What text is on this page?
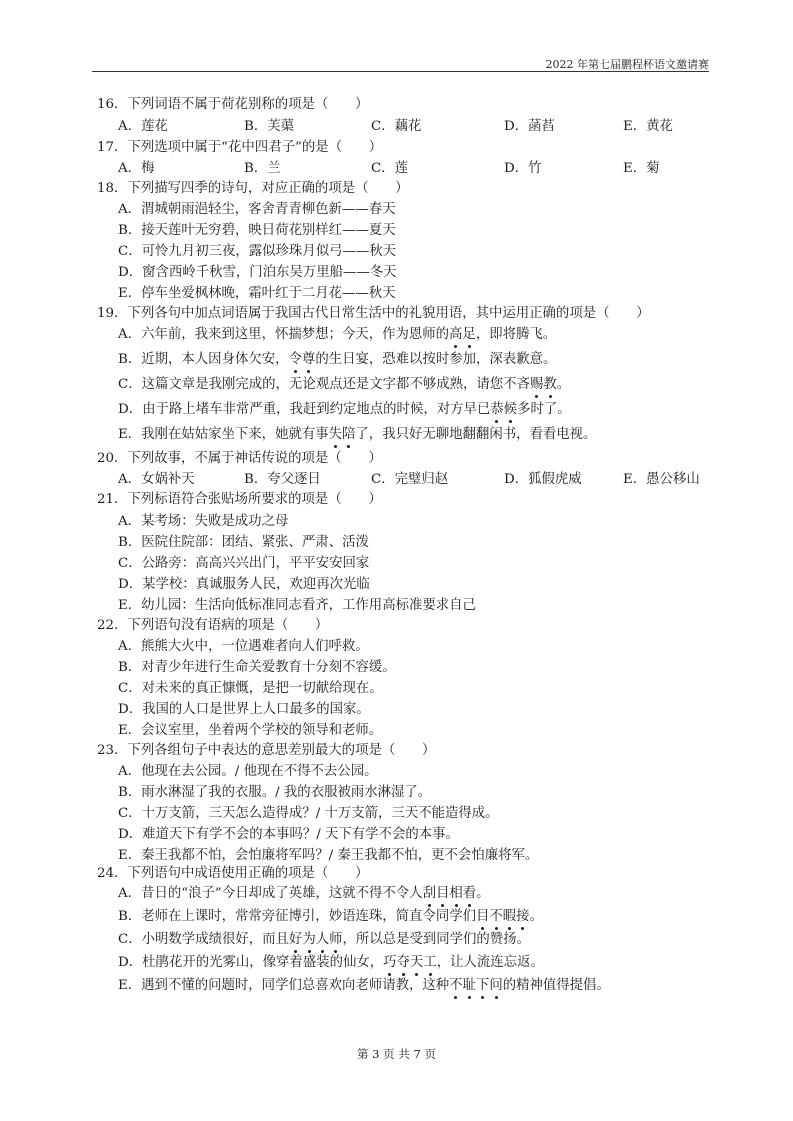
2022 年第七届鹏程杯语文邀请赛
16．下列词语不属于荷花别称的项是（　　）
A．莲花	B．芙蕖	C．藕花	D．菡萏	E．黄花
17．下列选项中属于“花中四君子”的是（　　）
A．梅	B．兰	C．莲	D．竹	E．菊
18．下列描写四季的诗句，对应正确的项是（　　）
A．渭城朝雨浥轻尘，客舍青青柳色新——春天
B．接天莲叶无穷碧，映日荷花别样红——夏天
C．可怜九月初三夜，露似珍珠月似弓——秋天
D．窗含西岭千秋雪，门泊东吴万里船——冬天
E．停车坐爱枫林晚，霜叶红于二月花——秋天
19．下列各句中加点词语属于我国古代日常生活中的礼貌用语，其中运用正确的项是（　　）
A．六年前，我来到这里，怀揣梦想；今天，作为恩师的高足
，即将腾飞。
B．近期，本人因身体欠安，令尊
的生日宴，恐难以按时参加，深表歉意。
C．这篇文章是我刚完成的，无论观点还是文字都不够成熟，请您不吝赐教
。
D．由于路上堵车非常严重，我赶到约定地点的时候，对方早已恭候
多时了。
E．我刚在姑姑家坐下来，她就有事失陪
了，我只好无聊地翻翻闲书，看看电视。
20．下列故事，不属于神话传说的项是（　　）
A．女娲补天	B．夸父逐日	C．完璧归赵	D．狐假虎威	E．愚公移山
21．下列标语符合张贴场所要求的项是（　　）
A．某考场：失败是成功之母
B．医院住院部：团结、紧张、严肃、活泼
C．公路旁：高高兴兴出门，平平安安回家
D．某学校：真诚服务人民，欢迎再次光临
E．幼儿园：生活向低标准同志看齐，工作用高标准要求自己
22．下列语句没有语病的项是（　　）
A．熊熊大火中，一位遇难者向人们呼救。
B．对青少年进行生命关爱教育十分刻不容缓。
C．对未来的真正慷慨，是把一切献给现在。
D．我国的人口是世界上人口最多的国家。
E．会议室里，坐着两个学校的领导和老师。
23．下列各组句子中表达的意思差别最大的项是（　　）
A．他现在去公园。/ 他现在不得不去公园。
B．雨水淋湿了我的衣服。/ 我的衣服被雨水淋湿了。
C．十万支箭，三天怎么造得成？/ 十万支箭，三天不能造得成。
D．难道天下有学不会的本事吗？/ 天下有学不会的本事。
E．秦王我都不怕，会怕廉将军吗？/ 秦王我都不怕，更不会怕廉将军。
24．下列语句中成语使用正确的项是（　　）
A．昔日的“浪子”今日却成了英雄，这就不得不令人刮目相看
。
B．老师在上课时，常常旁征博引，妙语连珠，简直令同学们目不暇接
。
C．小明数学成绩很好，而且好为人师
，所以总是受到同学们的赞扬。
D．杜鹃花开的光雾山，像穿着盛装的仙女，巧夺天工
，让人流连忘返。
E．遇到不懂的问题时，同学们总喜欢向老师请教，这种不耻下问
的精神值得提倡。
第 3 页 共 7 页
